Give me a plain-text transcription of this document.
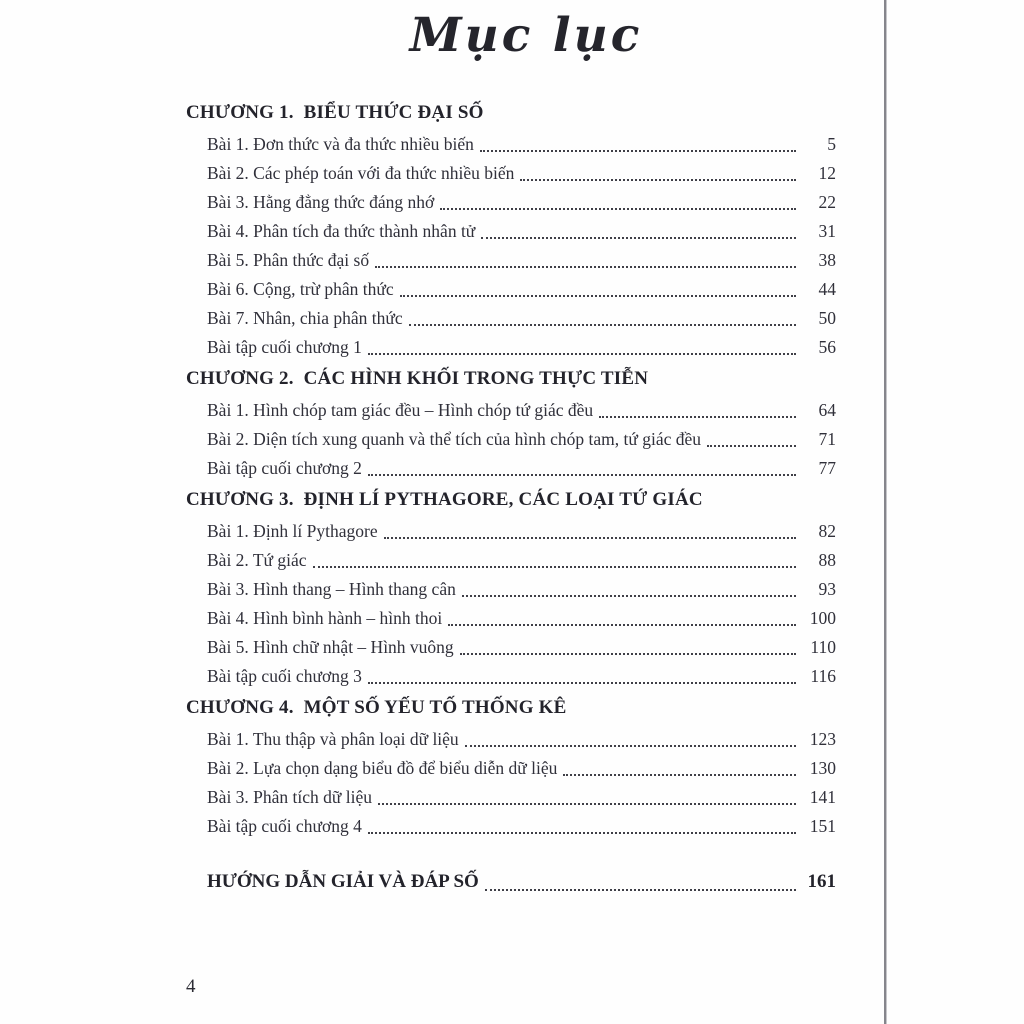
Mục lục
CHƯƠNG 1.  BIỂU THỨC ĐẠI SỐ
Bài 1. Đơn thức và đa thức nhiều biến	5
Bài 2. Các phép toán với đa thức nhiều biến	12
Bài 3. Hằng đẳng thức đáng nhớ	22
Bài 4. Phân tích đa thức thành nhân tử	31
Bài 5. Phân thức đại số	38
Bài 6. Cộng, trừ phân thức	44
Bài 7. Nhân, chia phân thức	50
Bài tập cuối chương 1	56
CHƯƠNG 2.  CÁC HÌNH KHỐI TRONG THỰC TIỄN
Bài 1. Hình chóp tam giác đều – Hình chóp tứ giác đều	64
Bài 2. Diện tích xung quanh và thể tích của hình chóp tam, tứ giác đều	71
Bài tập cuối chương 2	77
CHƯƠNG 3.  ĐỊNH LÍ PYTHAGORE, CÁC LOẠI TỨ GIÁC
Bài 1. Định lí Pythagore	82
Bài 2. Tứ giác	88
Bài 3. Hình thang – Hình thang cân	93
Bài 4. Hình bình hành – hình thoi	100
Bài 5. Hình chữ nhật – Hình vuông	110
Bài tập cuối chương 3	116
CHƯƠNG 4.  MỘT SỐ YẾU TỐ THỐNG KÊ
Bài 1. Thu thập và phân loại dữ liệu	123
Bài 2. Lựa chọn dạng biểu đồ để biểu diễn dữ liệu	130
Bài 3. Phân tích dữ liệu	141
Bài tập cuối chương 4	151
HƯỚNG DẪN GIẢI VÀ ĐÁP SỐ	161
4
